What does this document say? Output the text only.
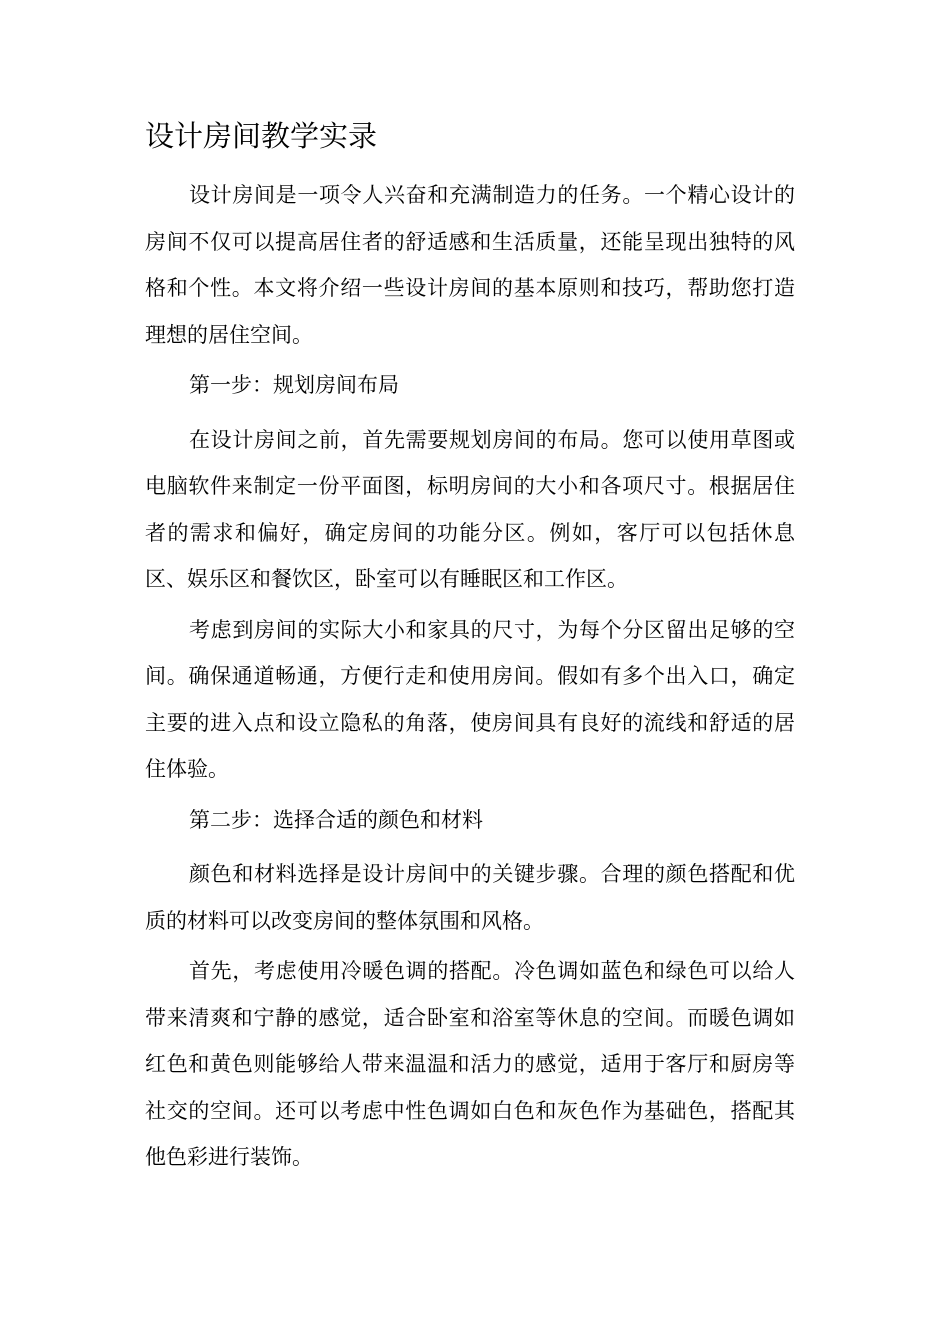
设计房间教学实录

设计房间是一项令人兴奋和充满制造力的任务。一个精心设计的房间不仅可以提高居住者的舒适感和生活质量，还能呈现出独特的风格和个性。本文将介绍一些设计房间的基本原则和技巧，帮助您打造理想的居住空间。

第一步：规划房间布局

在设计房间之前，首先需要规划房间的布局。您可以使用草图或电脑软件来制定一份平面图，标明房间的大小和各项尺寸。根据居住者的需求和偏好，确定房间的功能分区。例如，客厅可以包括休息区、娱乐区和餐饮区，卧室可以有睡眠区和工作区。

考虑到房间的实际大小和家具的尺寸，为每个分区留出足够的空间。确保通道畅通，方便行走和使用房间。假如有多个出入口，确定主要的进入点和设立隐私的角落，使房间具有良好的流线和舒适的居住体验。

第二步：选择合适的颜色和材料

颜色和材料选择是设计房间中的关键步骤。合理的颜色搭配和优质的材料可以改变房间的整体氛围和风格。

首先，考虑使用冷暖色调的搭配。冷色调如蓝色和绿色可以给人带来清爽和宁静的感觉，适合卧室和浴室等休息的空间。而暖色调如红色和黄色则能够给人带来温温和活力的感觉，适用于客厅和厨房等社交的空间。还可以考虑中性色调如白色和灰色作为基础色，搭配其他色彩进行装饰。
